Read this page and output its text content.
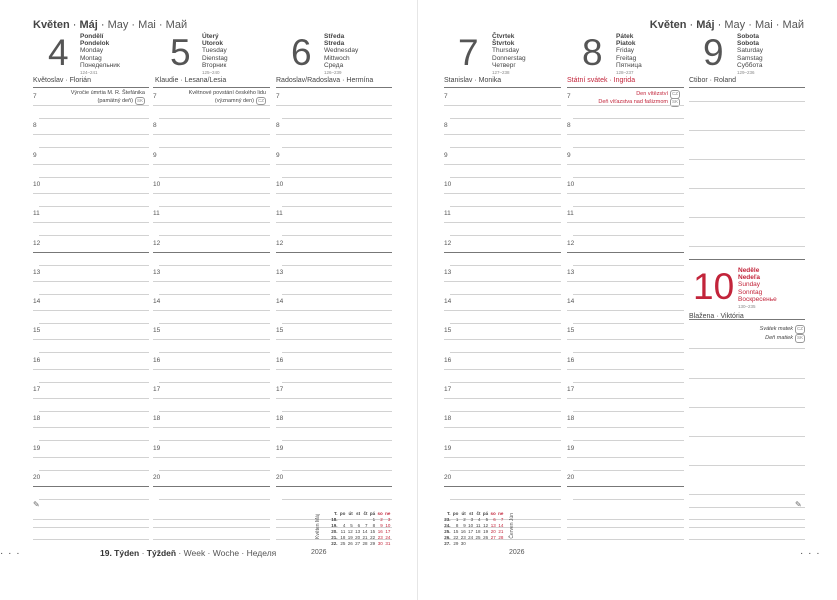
Květen · Máj · May · Mai · Май
4 Pondělí
Pondelok
Monday
Montag
Понедельник
124–241	5 Úterý
Utorok
Tuesday
Dienstag
Вторник
125–240 6 Středa
Streda
Wednesday
Mittwoch
Среда
126–239
Květoslav · Florián	Klaudie · Lesana/Lesia	Radoslav/Radoslava · Hermína
Výročie úmrtia M. R. Štefánika
(pamätný deň) SK
7
8
9
10
11
12
13
14
15
16
17
18
19
20
Květnové povstání českého lidu
(významný den) CZ
7
8
9
10
11
12
13
14
15
16
17
18
19
20
7
8
9
10
11
12
13
14
15
16
17
18
19
20
✎
19. Týden · Týždeň · Week · Woche · Неделя	2026
Květen Máj
T.	po	út	st	čt	pá	so	ne
18.					1	2	3
19.	4	5	6	7	8	9	10
20.	11	12	13	14	15	16	17
21.	18	19	20	21	22	23	24
22.	25	26	27	28	29	30	31
Květen · Máj · May · Mai · Май
7 Čtvrtek
Štvrtok
Thursday
Donnerstag
Четверг
127–238	8 Pátek
Piatok
Friday
Freitag
Пятница
128–237 9 Sobota
Sobota
Saturday
Samstag
Суббота
129–236
Stanislav · Monika	Státní svátek · Ingrida	Ctibor · Roland
7
8
9
10
11
12
13
14
15
16
17
18
19
20
Den vítězství CZ
Deň víťazstva nad fašizmom SK
7
8
9
10
11
12
13
14
15
16
17
18
19
20
10 Neděle
Nedeľa
Sunday
Sonntag
Воскресенье
130–235
Blažena · Viktória
Svátek matek CZ
Deň matiek SK
✎
2026
T.	po	út	st	čt	pá	so	ne
23.	1	2	3	4	5	6	7
24.	8	9	10	11	12	13	14
25.	15	16	17	18	19	20	21
26.	22	23	24	25	26	27	28
27.	29	30					
Červen Jún
· · ·	· · ·
